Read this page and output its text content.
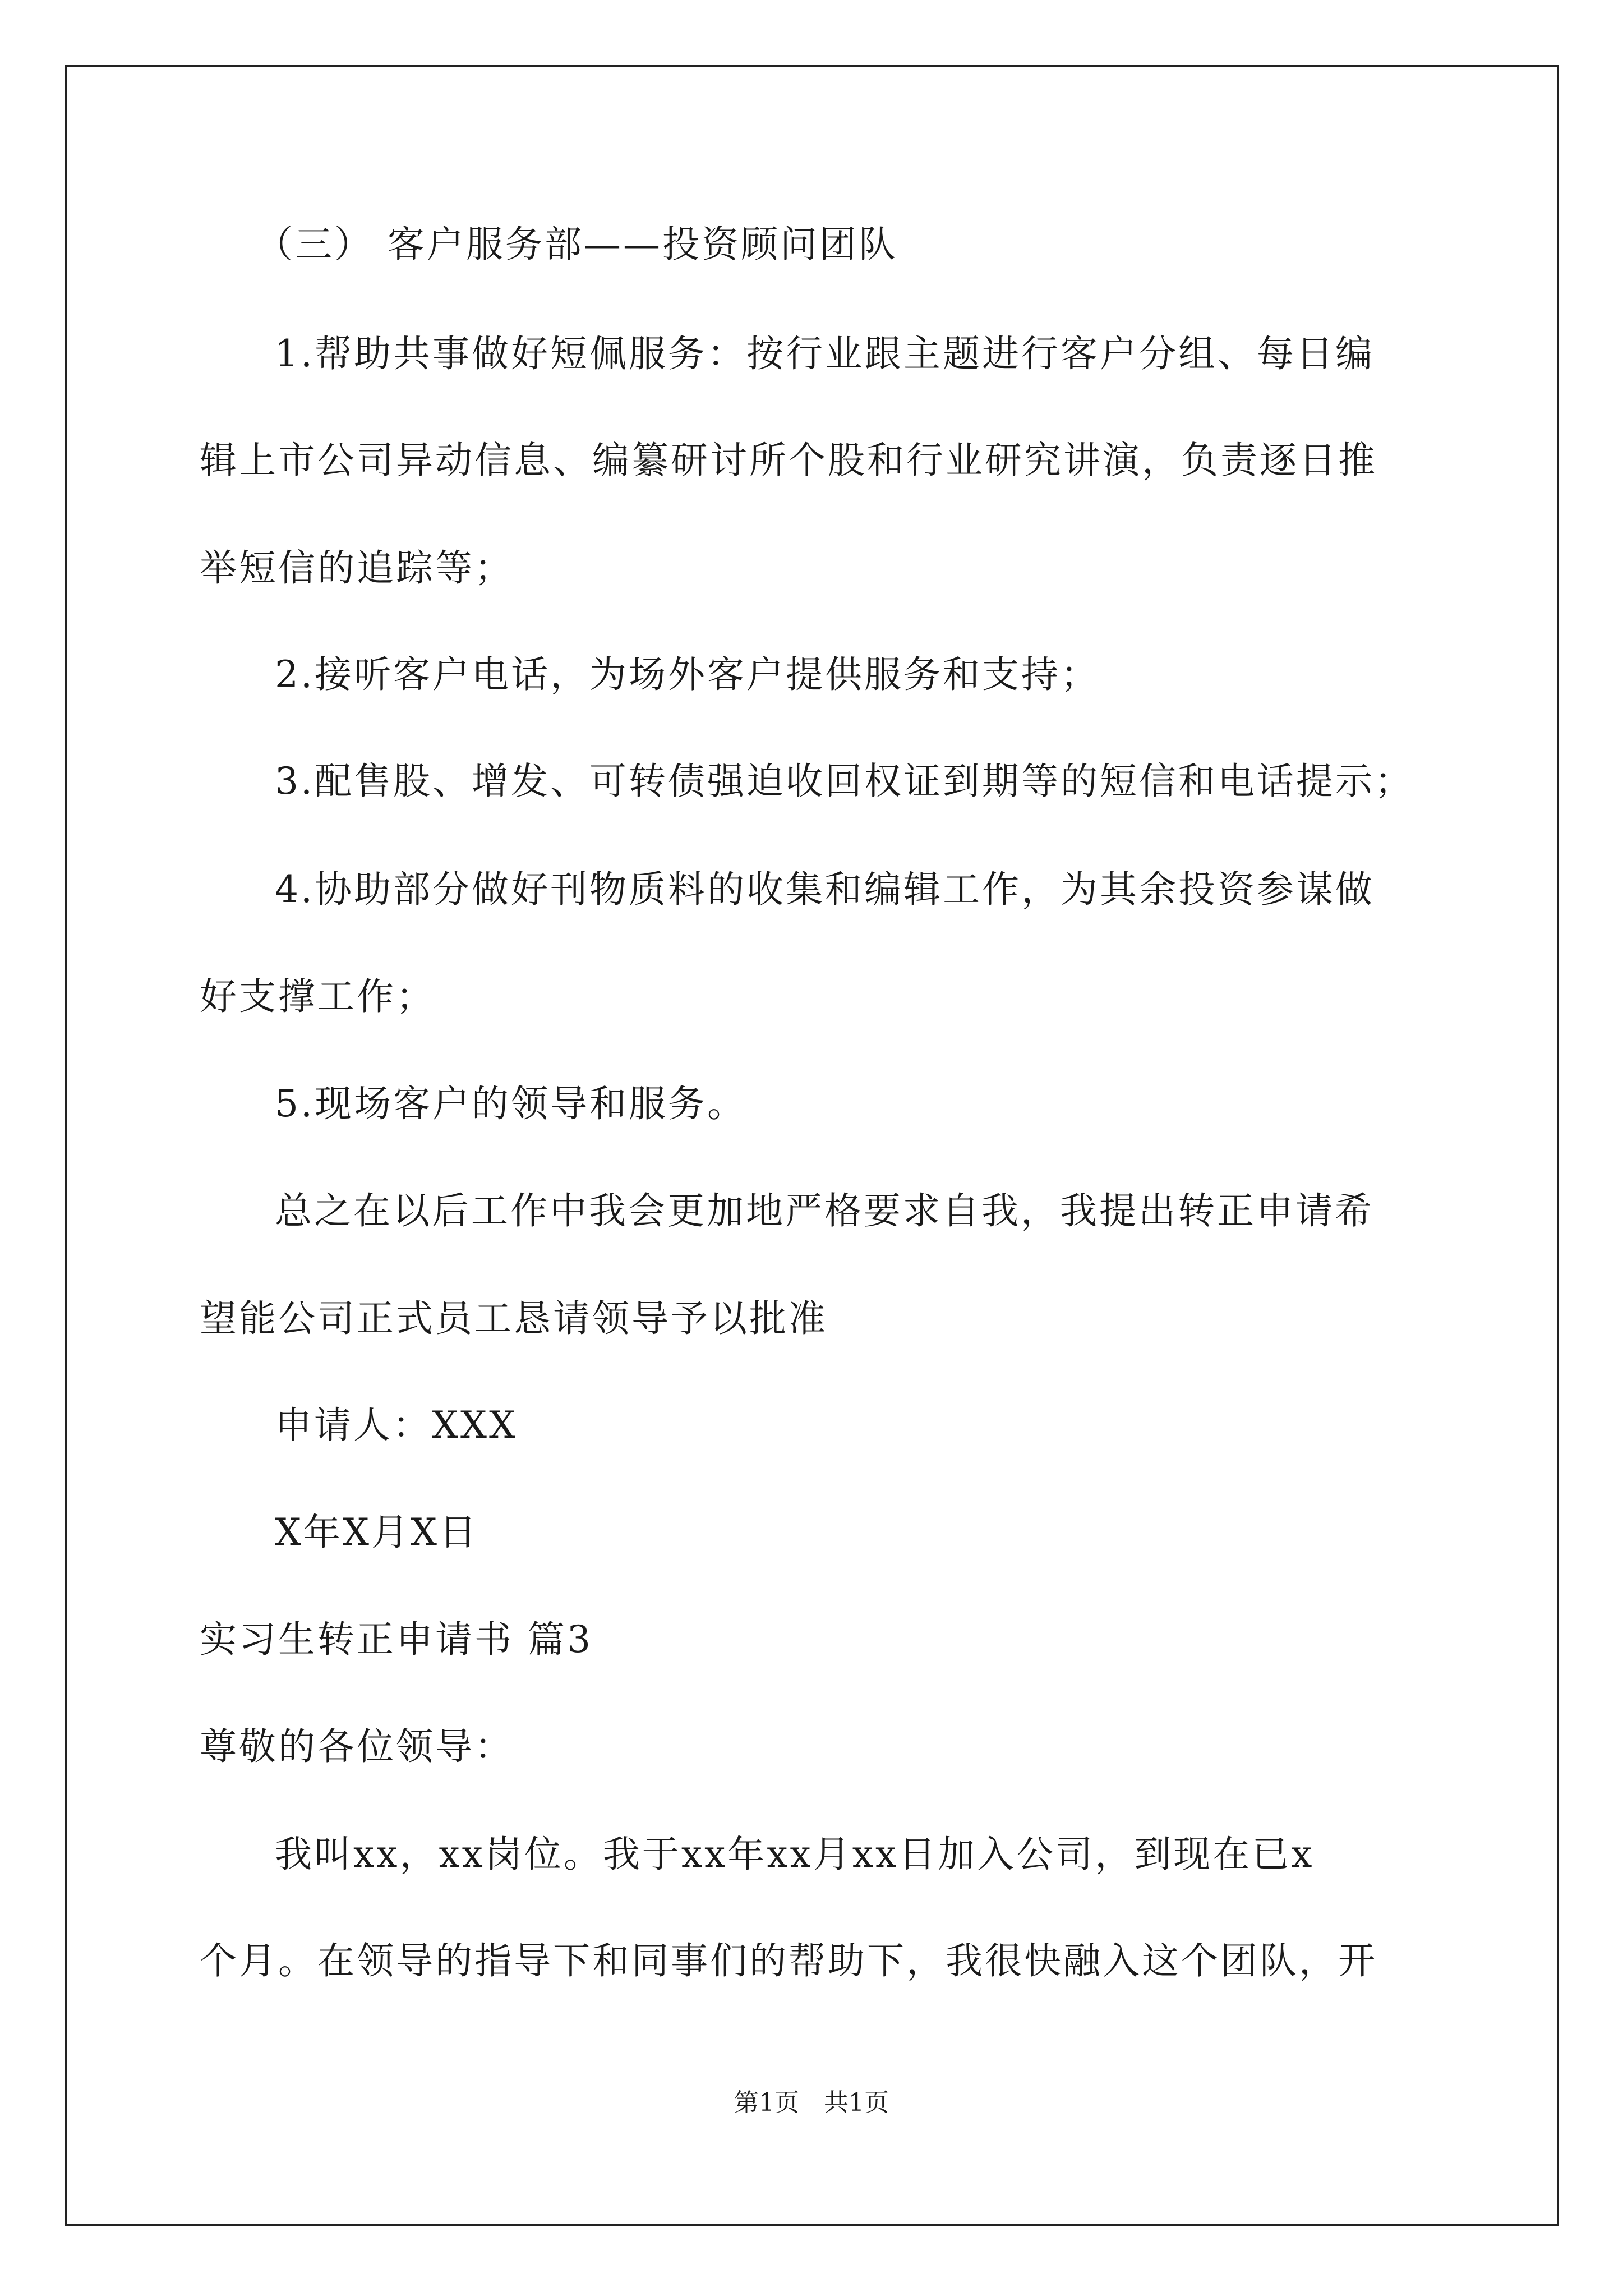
（三） 客户服务部——投资顾问团队
1.帮助共事做好短佩服务：按行业跟主题进行客户分组、每日编
辑上市公司异动信息、编纂研讨所个股和行业研究讲演，负责逐日推
举短信的追踪等；
2.接听客户电话，为场外客户提供服务和支持；
3.配售股、增发、可转债强迫收回权证到期等的短信和电话提示；
4.协助部分做好刊物质料的收集和编辑工作，为其余投资参谋做
好支撑工作；
5.现场客户的领导和服务。
总之在以后工作中我会更加地严格要求自我，我提出转正申请希
望能公司正式员工恳请领导予以批准
申请人：XXX
X年X月X日
实习生转正申请书 篇3
尊敬的各位领导：
我叫xx，xx岗位。我于xx年xx月xx日加入公司，到现在已x
个月。在领导的指导下和同事们的帮助下，我很快融入这个团队，开
第1页　共1页
